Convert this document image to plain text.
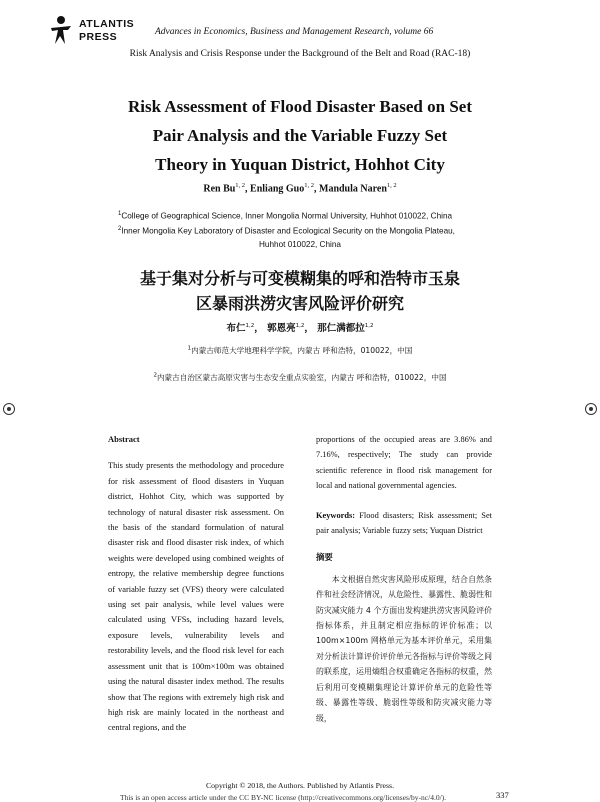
ATLANTIS PRESS	Advances in Economics, Business and Management Research, volume 66
Risk Analysis and Crisis Response under the Background of the Belt and Road (RAC-18)
Risk Assessment of Flood Disaster Based on Set
Pair Analysis and the Variable Fuzzy Set
Theory in Yuquan District, Hohhot City
Ren Bu$^{1, 2}$, Enliang Guo$^{1, 2}$, Mandula Naren$^{1, 2}$
$^1$College of Geographical Science, Inner Mongolia Normal University, Huhhot 010022, China
$^2$Inner Mongolia Key Laboratory of Disaster and Ecological Security on the Mongolia Plateau,
Huhhot 010022, China
基于集对分析与可变模糊集的呼和浩特市玉泉
区暴雨洪涝灾害风险评价研究
布仁$^{1,2}$， 郭恩亮$^{1,2}$， 那仁满都拉$^{1,2}$
$^1$内蒙古师范大学地理科学学院，内蒙古 呼和浩特，010022，中国
$^2$内蒙古自治区蒙古高原灾害与生态安全重点实验室，内蒙古 呼和浩特，010022，中国
Abstract

This study presents the methodology and procedure for risk assessment of flood disasters in Yuquan district, Hohhot City, which was supported by technology of natural disaster risk assessment. On the basis of the standard formulation of natural disaster risk and flood disaster risk index, of which weights were developed using combined weights of entropy, the relative membership degree functions of variable fuzzy set (VFS) theory were calculated using set pair analysis, while level values were calculated using VFSs, including hazard levels, exposure levels, vulnerability levels and restorability levels, and the flood risk level for each assessment unit that is 100m×100m was obtained using the natural disaster index method. The results show that The regions with extremely high risk and high risk are mainly located in the northeast and central regions, and the

proportions of the occupied areas are 3.86% and 7.16%, respectively; The study can provide scientific reference in flood risk management for local and national governmental agencies.

Keywords: Flood disasters; Risk assessment; Set pair analysis; Variable fuzzy sets; Yuquan District

摘要

本文根据自然灾害风险形成原理，结合自然条件和社会经济情况，从危险性、暴露性、脆弱性和防灾减灾能力 4 个方面出发构建洪涝灾害风险评价指标体系，并且制定相应指标的评价标准；以100m×100m 网格单元为基本评价单元，采用集对分析法计算评价评价单元各指标与评价等级之间的联系度，运用熵组合权重确定各指标的权重，然后利用可变模糊集理论计算评价单元的危险性等级、暴露性等级、脆弱性等级和防灾减灾能力等级，

Copyright © 2018, the Authors. Published by Atlantis Press.
This is an open access article under the CC BY-NC license (http://creativecommons.org/licenses/by-nc/4.0/).	337
